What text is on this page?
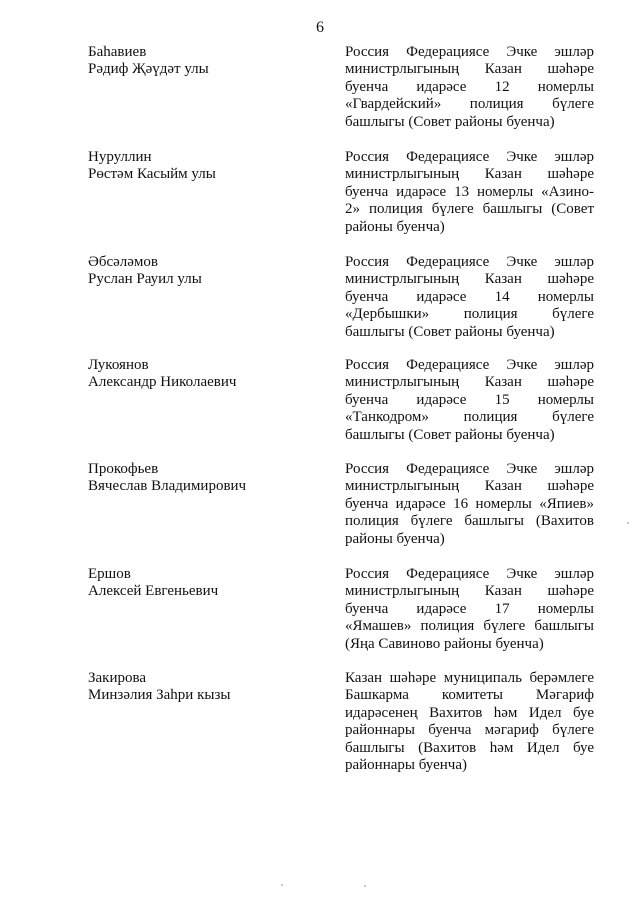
6
Баһавиев
Рәдиф Җәүдәт улы
Россия Федерациясе Эчке эшләр
министрлыгының Казан шәһәре
буенча идарәсе 12 номерлы
«Гвардейский» полиция бүлеге
башлыгы (Совет районы буенча)
Нуруллин
Рөстәм Касыйм улы
Россия Федерациясе Эчке эшләр
министрлыгының Казан шәһәре
буенча идарәсе 13 номерлы «Азино-
2» полиция бүлеге башлыгы (Совет
районы буенча)
Әбсәләмов
Руслан Рауил улы
Россия Федерациясе Эчке эшләр
министрлыгының Казан шәһәре
буенча идарәсе 14 номерлы
«Дербышки» полиция бүлеге
башлыгы (Совет районы буенча)
Лукоянов
Александр Николаевич
Россия Федерациясе Эчке эшләр
министрлыгының Казан шәһәре
буенча идарәсе 15 номерлы
«Танкодром» полиция бүлеге
башлыгы (Совет районы буенча)
Прокофьев
Вячеслав Владимирович
Россия Федерациясе Эчке эшләр
министрлыгының Казан шәһәре
буенча идарәсе 16 номерлы «Япиев»
полиция бүлеге башлыгы (Вахитов
районы буенча)
Ершов
Алексей Евгеньевич
Россия Федерациясе Эчке эшләр
министрлыгының Казан шәһәре
буенча идарәсе 17 номерлы
«Ямашев» полиция бүлеге башлыгы
(Яңа Савиново районы буенча)
Закирова
Минзәлия Заһри кызы
Казан шәһәре муниципаль берәмлеге
Башкарма комитеты Мәгариф
идарәсенең Вахитов һәм Идел буе
районнары буенча мәгариф бүлеге
башлыгы (Вахитов һәм Идел буе
районнары буенча)
